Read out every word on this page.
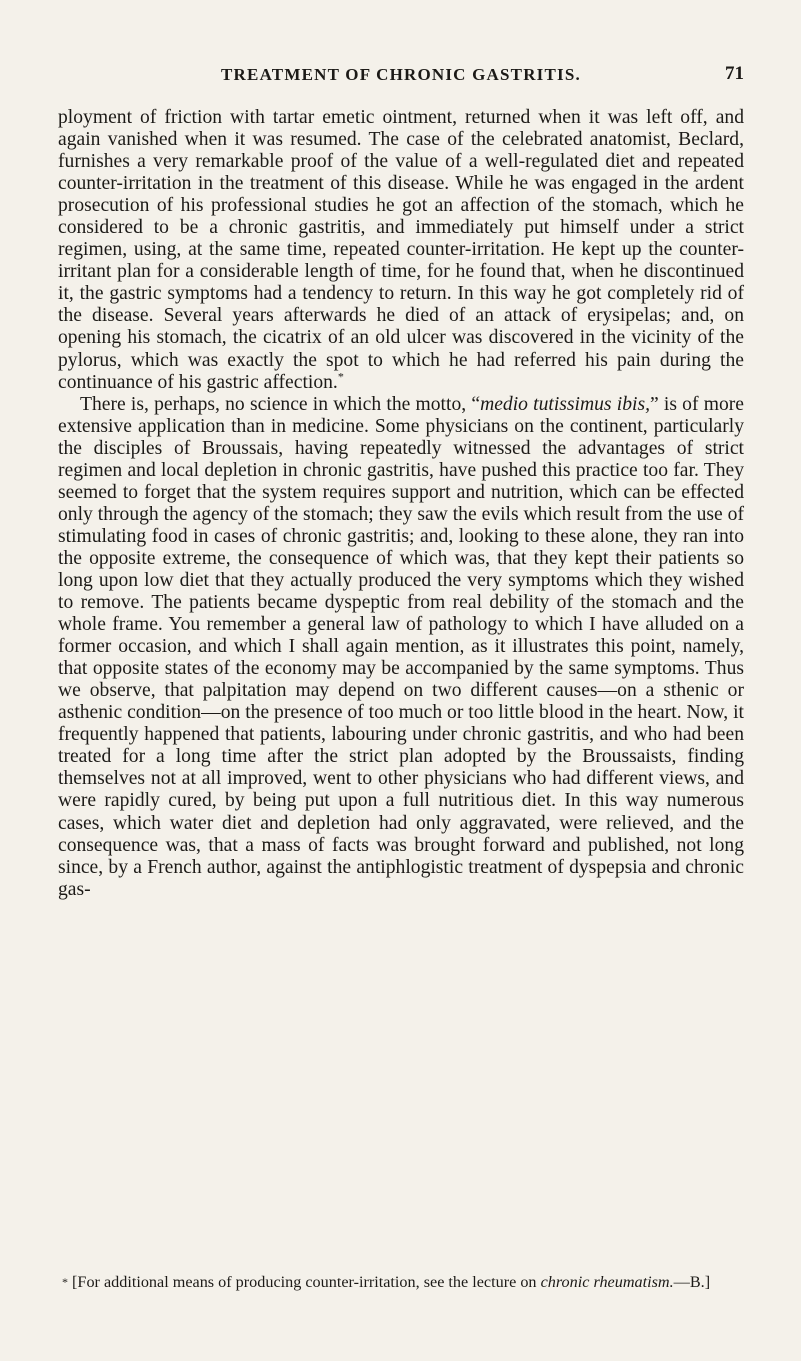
TREATMENT OF CHRONIC GASTRITIS.	71

ployment of friction with tartar emetic ointment, returned when it was left off, and again vanished when it was resumed. The case of the celebrated anatomist, Beclard, furnishes a very remarkable proof of the value of a well-regulated diet and repeated counter-irritation in the treatment of this disease. While he was engaged in the ardent prosecution of his professional studies he got an affection of the stomach, which he considered to be a chronic gastritis, and immediately put himself under a strict regimen, using, at the same time, repeated counter-irritation. He kept up the counter-irritant plan for a considerable length of time, for he found that, when he discontinued it, the gastric symptoms had a tendency to return. In this way he got completely rid of the disease. Several years afterwards he died of an attack of erysipelas; and, on opening his stomach, the cicatrix of an old ulcer was discovered in the vicinity of the pylorus, which was exactly the spot to which he had referred his pain during the continuance of his gastric affection.*

There is, perhaps, no science in which the motto, “medio tutissimus ibis,” is of more extensive application than in medicine. Some physicians on the continent, particularly the disciples of Broussais, having repeatedly witnessed the advantages of strict regimen and local depletion in chronic gastritis, have pushed this practice too far. They seemed to forget that the system requires support and nutrition, which can be effected only through the agency of the stomach; they saw the evils which result from the use of stimulating food in cases of chronic gastritis; and, looking to these alone, they ran into the opposite extreme, the consequence of which was, that they kept their patients so long upon low diet that they actually produced the very symptoms which they wished to remove. The patients became dyspeptic from real debility of the stomach and the whole frame. You remember a general law of pathology to which I have alluded on a former occasion, and which I shall again mention, as it illustrates this point, namely, that opposite states of the economy may be accompanied by the same symptoms. Thus we observe, that palpitation may depend on two different causes—on a sthenic or asthenic condition—on the presence of too much or too little blood in the heart. Now, it frequently happened that patients, labouring under chronic gastritis, and who had been treated for a long time after the strict plan adopted by the Broussaists, finding themselves not at all improved, went to other physicians who had different views, and were rapidly cured, by being put upon a full nutritious diet. In this way numerous cases, which water diet and depletion had only aggravated, were relieved, and the consequence was, that a mass of facts was brought forward and published, not long since, by a French author, against the antiphlogistic treatment of dyspepsia and chronic gas-

* [For additional means of producing counter-irritation, see the lecture on chronic rheumatism.—B.]
